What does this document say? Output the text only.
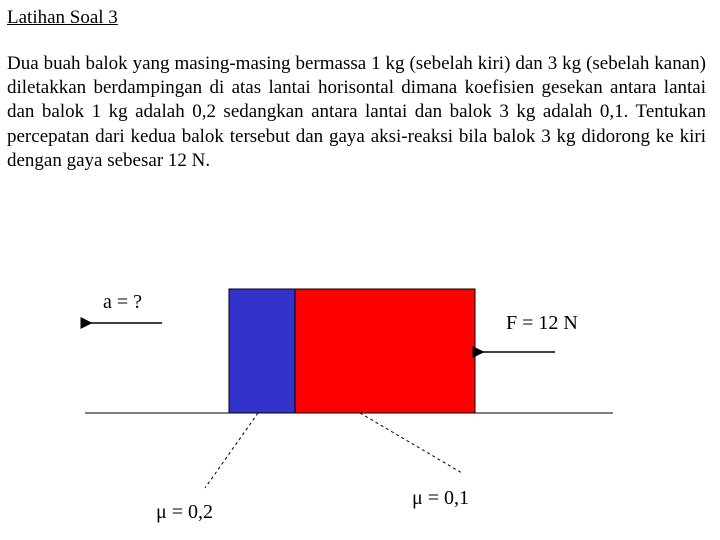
Latihan Soal 3

Dua buah balok yang masing-masing bermassa 1 kg (sebelah kiri) dan 3 kg (sebelah kanan) diletakkan berdampingan di atas lantai horisontal dimana koefisien gesekan antara lantai dan balok 1 kg adalah 0,2 sedangkan antara lantai dan balok 3 kg adalah 0,1. Tentukan percepatan dari kedua balok tersebut dan gaya aksi-reaksi bila balok 3 kg didorong ke kiri dengan gaya sebesar 12 N.

a = ?
F = 12 N
μ = 0,2
μ = 0,1
